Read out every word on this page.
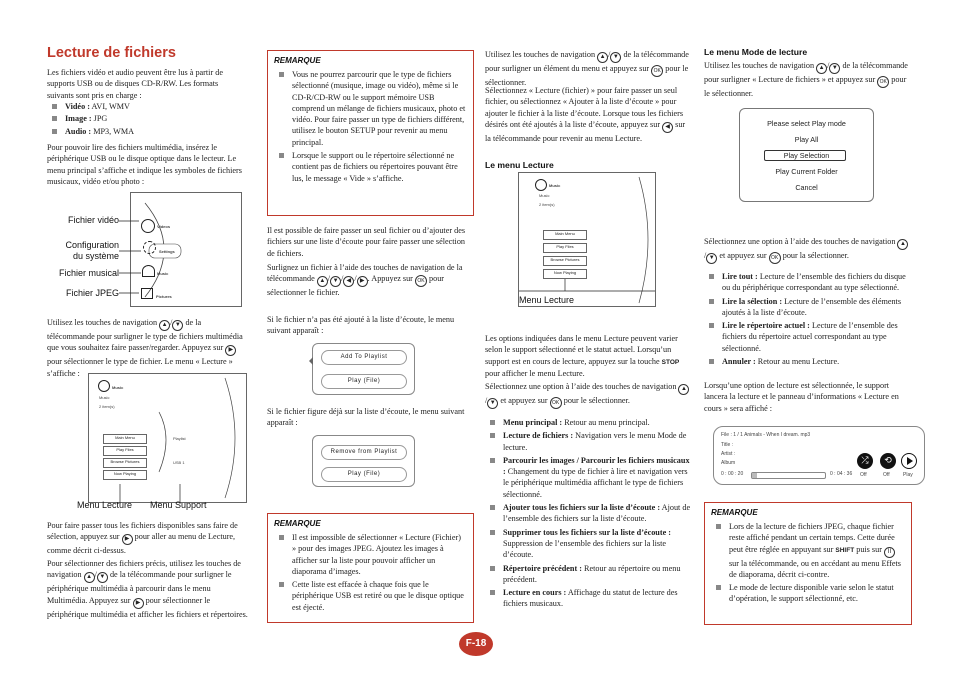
Lecture de fichiers
Les fichiers vidéo et audio peuvent être lus à partir de supports USB ou de disques CD-R/RW. Les formats suivants sont pris en charge :
Vidéo : AVI, WMV
Image : JPG
Audio : MP3, WMA
Pour pouvoir lire des fichiers multimédia, insérez le périphérique USB ou le disque optique dans le lecteur. Le menu principal s’affiche et indique les symboles de fichiers musicaux, vidéo et/ou photo :
Videos
Settings
Music
Pictures
Fichier vidéo
Configuration du système
Fichier musical
Fichier JPEG
Utilisez les touches de navigation ▲ / ▼ de la télécommande pour surligner le type de fichiers multimédia que vous souhaitez faire passer/regarder. Appuyez sur ▶ pour sélectionner le type de fichier. Le menu « Lecture » s’affiche :
Music
Music
2 item(s)
Main Menu
Play Files
Browse Pictures
Now Playing
Playlist
USB 1
Menu Lecture Menu Support
Pour faire passer tous les fichiers disponibles sans faire de sélection, appuyez sur ▶ pour aller au menu de Lecture, comme décrit ci-dessus.
Pour sélectionner des fichiers précis, utilisez les touches de navigation ▲ / ▼ de la télécommande pour surligner le périphérique multimédia à parcourir dans le menu Multimédia. Appuyez sur ▶ pour sélectionner le périphérique multimédia et afficher les fichiers et répertoires.
REMARQUE
Vous ne pourrez parcourir que le type de fichiers sélectionné (musique, image ou vidéo), même si le CD-R/CD-RW ou le support mémoire USB comprend un mélange de fichiers musicaux, photo et vidéo. Pour faire passer un type de fichiers différent, utilisez le bouton SETUP pour revenir au menu principal.
Lorsque le support ou le répertoire sélectionné ne contient pas de fichiers ou répertoires pouvant être lus, le message « Vide » s’affiche.
Il est possible de faire passer un seul fichier ou d’ajouter des fichiers sur une liste d’écoute pour faire passer une sélection de fichiers.
Surlignez un fichier à l’aide des touches de navigation de la télécommande ▲ / ▼ / ◀ / ▶ . Appuyez sur OK pour sélectionner le fichier.
Si le fichier n’a pas été ajouté à la liste d’écoute, le menu suivant apparaît :
Add To Playlist
Play (File)
Si le fichier figure déjà sur la liste d’écoute, le menu suivant apparaît :
Remove from Playlist
Play (File)
REMARQUE
Il est impossible de sélectionner « Lecture (Fichier) » pour des images JPEG. Ajoutez les images à afficher sur la liste pour pouvoir afficher un diaporama d’images.
Cette liste est effacée à chaque fois que le périphérique USB est retiré ou que le disque optique est éjecté.
Utilisez les touches de navigation ▲ / ▼ de la télécommande pour surligner un élément du menu et appuyez sur OK pour le sélectionner.
Sélectionnez « Lecture (fichier) » pour faire passer un seul fichier, ou sélectionnez « Ajouter à la liste d’écoute » pour ajouter le fichier à la liste d’écoute. Lorsque tous les fichiers désirés ont été ajoutés à la liste d’écoute, appuyez sur ◀ sur la télécommande pour revenir au menu Lecture.
Le menu Lecture
Music
Music
2 item(s)
Main Menu
Play Files
Browse Pictures
Now Playing
Menu Lecture
Les options indiquées dans le menu Lecture peuvent varier selon le support sélectionné et le statut actuel. Lorsqu’un support est en cours de lecture, appuyez sur la touche STOP pour afficher le menu Lecture.
Sélectionnez une option à l’aide des touches de navigation ▲/ ▼ et appuyez sur OK pour le sélectionner.
Menu principal : Retour au menu principal.
Lecture de fichiers : Navigation vers le menu Mode de lecture.
Parcourir les images / Parcourir les fichiers musicaux : Changement du type de fichier à lire et navigation vers le périphérique multimédia affichant le type de fichiers sélectionné.
Ajouter tous les fichiers sur la liste d’écoute : Ajout de l’ensemble des fichiers sur la liste d’écoute.
Supprimer tous les fichiers sur la liste d’écoute : Suppression de l’ensemble des fichiers sur la liste d’écoute.
Répertoire précédent : Retour au répertoire ou menu précédent.
Lecture en cours : Affichage du statut de lecture des fichiers musicaux.
F-18
Le menu Mode de lecture
Utilisez les touches de navigation ▲ / ▼ de la télécommande pour surligner « Lecture de fichiers » et appuyez sur OK pour le sélectionner.
Please select Play mode
Play All
Play Selection
Play Current Folder
Cancel
Sélectionnez une option à l’aide des touches de navigation ▲/ ▼ et appuyez sur OK pour la sélectionner.
Lire tout : Lecture de l’ensemble des fichiers du disque ou du périphérique correspondant au type sélectionné.
Lire la sélection : Lecture de l’ensemble des éléments ajoutés à la liste d’écoute.
Lire le répertoire actuel : Lecture de l’ensemble des fichiers du répertoire actuel correspondant au type sélectionné.
Annuler : Retour au menu Lecture.
Lorsqu’une option de lecture est sélectionnée, le support lancera la lecture et le panneau d’informations « Lecture en cours » sera affiché :
File : 1 / 1 Animals - When I dream. mp3
Title :
Artist :
Album
0 : 00 : 20	0 : 04 : 36
⤮	⟲
Off	Off	Play
REMARQUE
Lors de la lecture de fichiers JPEG, chaque fichier reste affiché pendant un certain temps. Cette durée peut être réglée en appuyant sur SHIFT puis sur II sur la télécommande, ou en accédant au menu Effets de diaporama, décrit ci-contre.
Le mode de lecture disponible varie selon le statut d’opération, le support sélectionné, etc.
